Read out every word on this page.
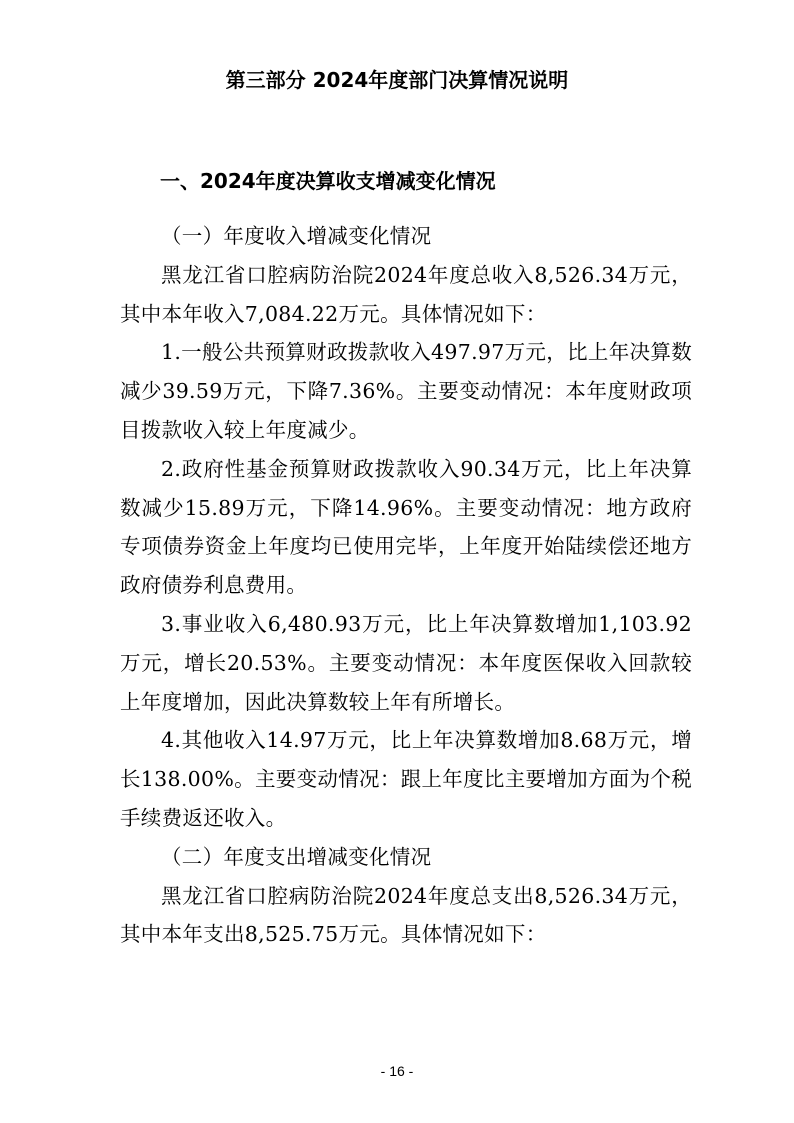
第三部分 2024年度部门决算情况说明
一、2024年度决算收支增减变化情况

（一）年度收入增减变化情况

黑龙江省口腔病防治院2024年度总收入8,526.34万元，其中本年收入7,084.22万元。具体情况如下：

1.一般公共预算财政拨款收入497.97万元，比上年决算数减少39.59万元，下降7.36%。主要变动情况：本年度财政项目拨款收入较上年度减少。

2.政府性基金预算财政拨款收入90.34万元，比上年决算数减少15.89万元，下降14.96%。主要变动情况：地方政府专项债券资金上年度均已使用完毕，上年度开始陆续偿还地方政府债券利息费用。

3.事业收入6,480.93万元，比上年决算数增加1,103.92万元，增长20.53%。主要变动情况：本年度医保收入回款较上年度增加，因此决算数较上年有所增长。

4.其他收入14.97万元，比上年决算数增加8.68万元，增长138.00%。主要变动情况：跟上年度比主要增加方面为个税手续费返还收入。

（二）年度支出增减变化情况

黑龙江省口腔病防治院2024年度总支出8,526.34万元，其中本年支出8,525.75万元。具体情况如下：

- 16 -
